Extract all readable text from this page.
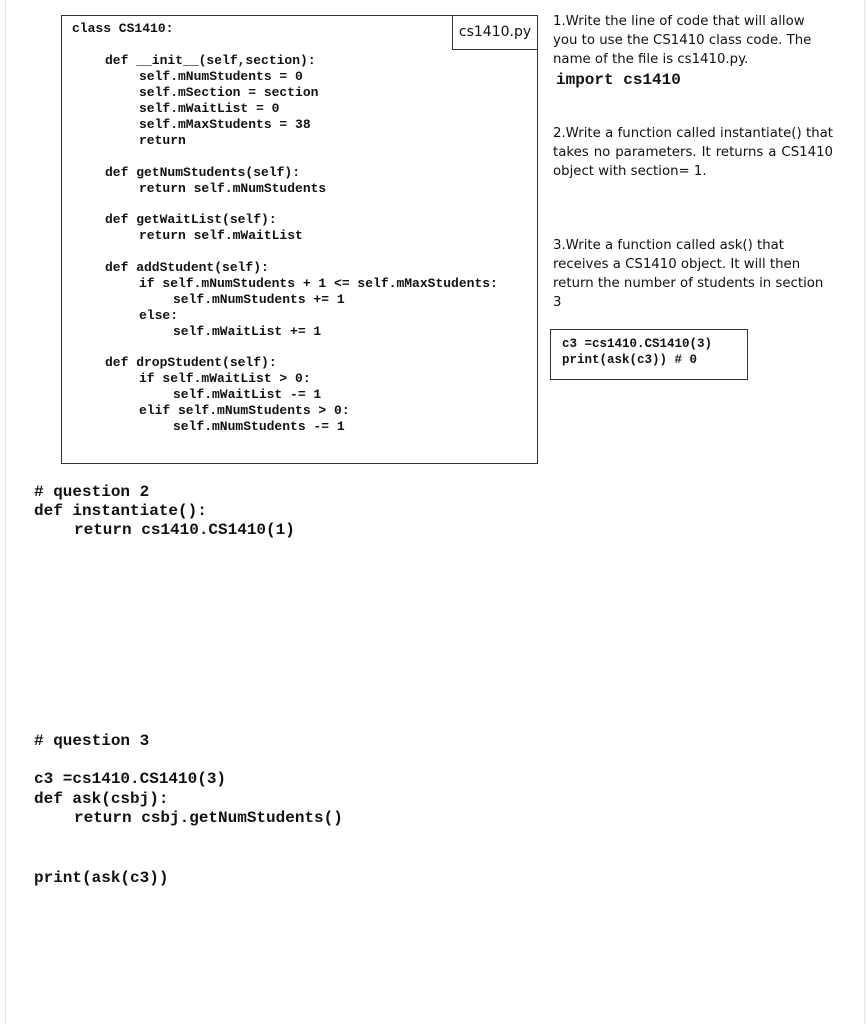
cs1410.py
class CS1410:
def __init__(self,section):
self.mNumStudents = 0
self.mSection = section
self.mWaitList = 0
self.mMaxStudents = 38
return
def getNumStudents(self):
return self.mNumStudents
def getWaitList(self):
return self.mWaitList
def addStudent(self):
if self.mNumStudents + 1 <= self.mMaxStudents:
self.mNumStudents += 1
else:
self.mWaitList += 1
def dropStudent(self):
if self.mWaitList > 0:
self.mWaitList -= 1
elif self.mNumStudents > 0:
self.mNumStudents -= 1
1.Write the line of code that will allow you to use the CS1410 class code. The name of the file is cs1410.py.
import cs1410
2.Write a function called instantiate() that takes no parameters. It returns a CS1410 object with section= 1.
3.Write a function called ask() that receives a CS1410 object. It will then return the number of students in section 3
c3 =cs1410.CS1410(3)
print(ask(c3)) # 0
# question 2
def instantiate():
return cs1410.CS1410(1)
# question 3
c3 =cs1410.CS1410(3)
def ask(csbj):
return csbj.getNumStudents()
print(ask(c3))
